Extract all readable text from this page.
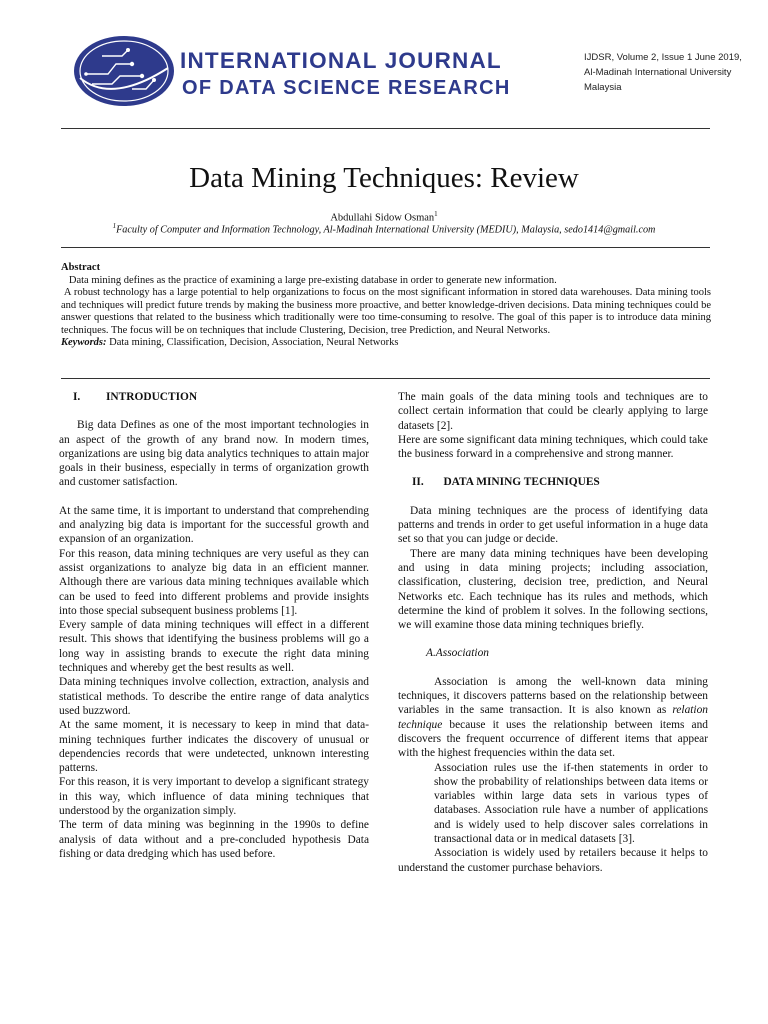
INTERNATIONAL JOURNAL
OF DATA SCIENCE RESEARCH
IJDSR, Volume 2, Issue 1 June 2019,
Al-Madinah International University
Malaysia
Data Mining Techniques: Review
Abdullahi Sidow Osman$^1$
$^1$Faculty of Computer and Information Technology, Al-Madinah International University (MEDIU), Malaysia, sedo1414@gmail.com
Abstract

Data mining defines as the practice of examining a large pre-existing database in order to generate new information.

A robust technology has a large potential to help organizations to focus on the most significant information in stored data warehouses. Data mining tools and techniques will predict future trends by making the business more proactive, and better knowledge-driven decisions. Data mining techniques could be answer questions that related to the business which traditionally were too time-consuming to resolve. The goal of this paper is to introduce data mining techniques. The focus will be on techniques that include Clustering, Decision, tree Prediction, and Neural Networks.

Keywords: Data mining, Classification, Decision, Association, Neural Networks

I. INTRODUCTION

Big data Defines as one of the most important technologies in an aspect of the growth of any brand now. In modern times, organizations are using big data analytics techniques to attain major goals in their business, especially in terms of organization growth and customer satisfaction.

At the same time, it is important to understand that comprehending and analyzing big data is important for the successful growth and expansion of an organization.

For this reason, data mining techniques are very useful as they can assist organizations to analyze big data in an efficient manner. Although there are various data mining techniques available which can be used to feed into different problems and provide insights into those special subsequent business problems [1].

Every sample of data mining techniques will effect in a different result. This shows that identifying the business problems will go a long way in assisting brands to execute the right data mining techniques and whereby get the best results as well.

Data mining techniques involve collection, extraction, analysis and statistical methods. To describe the entire range of data analytics used buzzword.

At the same moment, it is necessary to keep in mind that data-mining techniques further indicates the discovery of unusual or dependencies records that were undetected, unknown interesting patterns.

For this reason, it is very important to develop a significant strategy in this way, which influence of data mining techniques that understood by the organization simply.

The term of data mining was beginning in the 1990s to define analysis of data without and a pre-concluded hypothesis Data fishing or data dredging which has used before.

The main goals of the data mining tools and techniques are to collect certain information that could be clearly applying to large datasets [2].

Here are some significant data mining techniques, which could take the business forward in a comprehensive and strong manner.

II. DATA MINING TECHNIQUES

Data mining techniques are the process of identifying data patterns and trends in order to get useful information in a huge data set so that you can judge or decide.

There are many data mining techniques have been developing and using in data mining projects; including association, classification, clustering, decision tree, prediction, and Neural Networks etc. Each technique has its rules and methods, which determine the kind of problem it solves. In the following sections, we will examine those data mining techniques briefly.

A.Association

Association is among the well-known data mining techniques, it discovers patterns based on the relationship between variables in the same transaction. It is also known as relation technique because it uses the relationship between items and discovers the frequent occurrence of different items that appear with the highest frequencies within the data set.

Association rules use the if-then statements in order to show the probability of relationships between data items or variables within large data sets in various types of databases. Association rule have a number of applications and is widely used to help discover sales correlations in transactional data or in medical datasets [3].

Association is widely used by retailers because it helps to understand the customer purchase behaviors.
